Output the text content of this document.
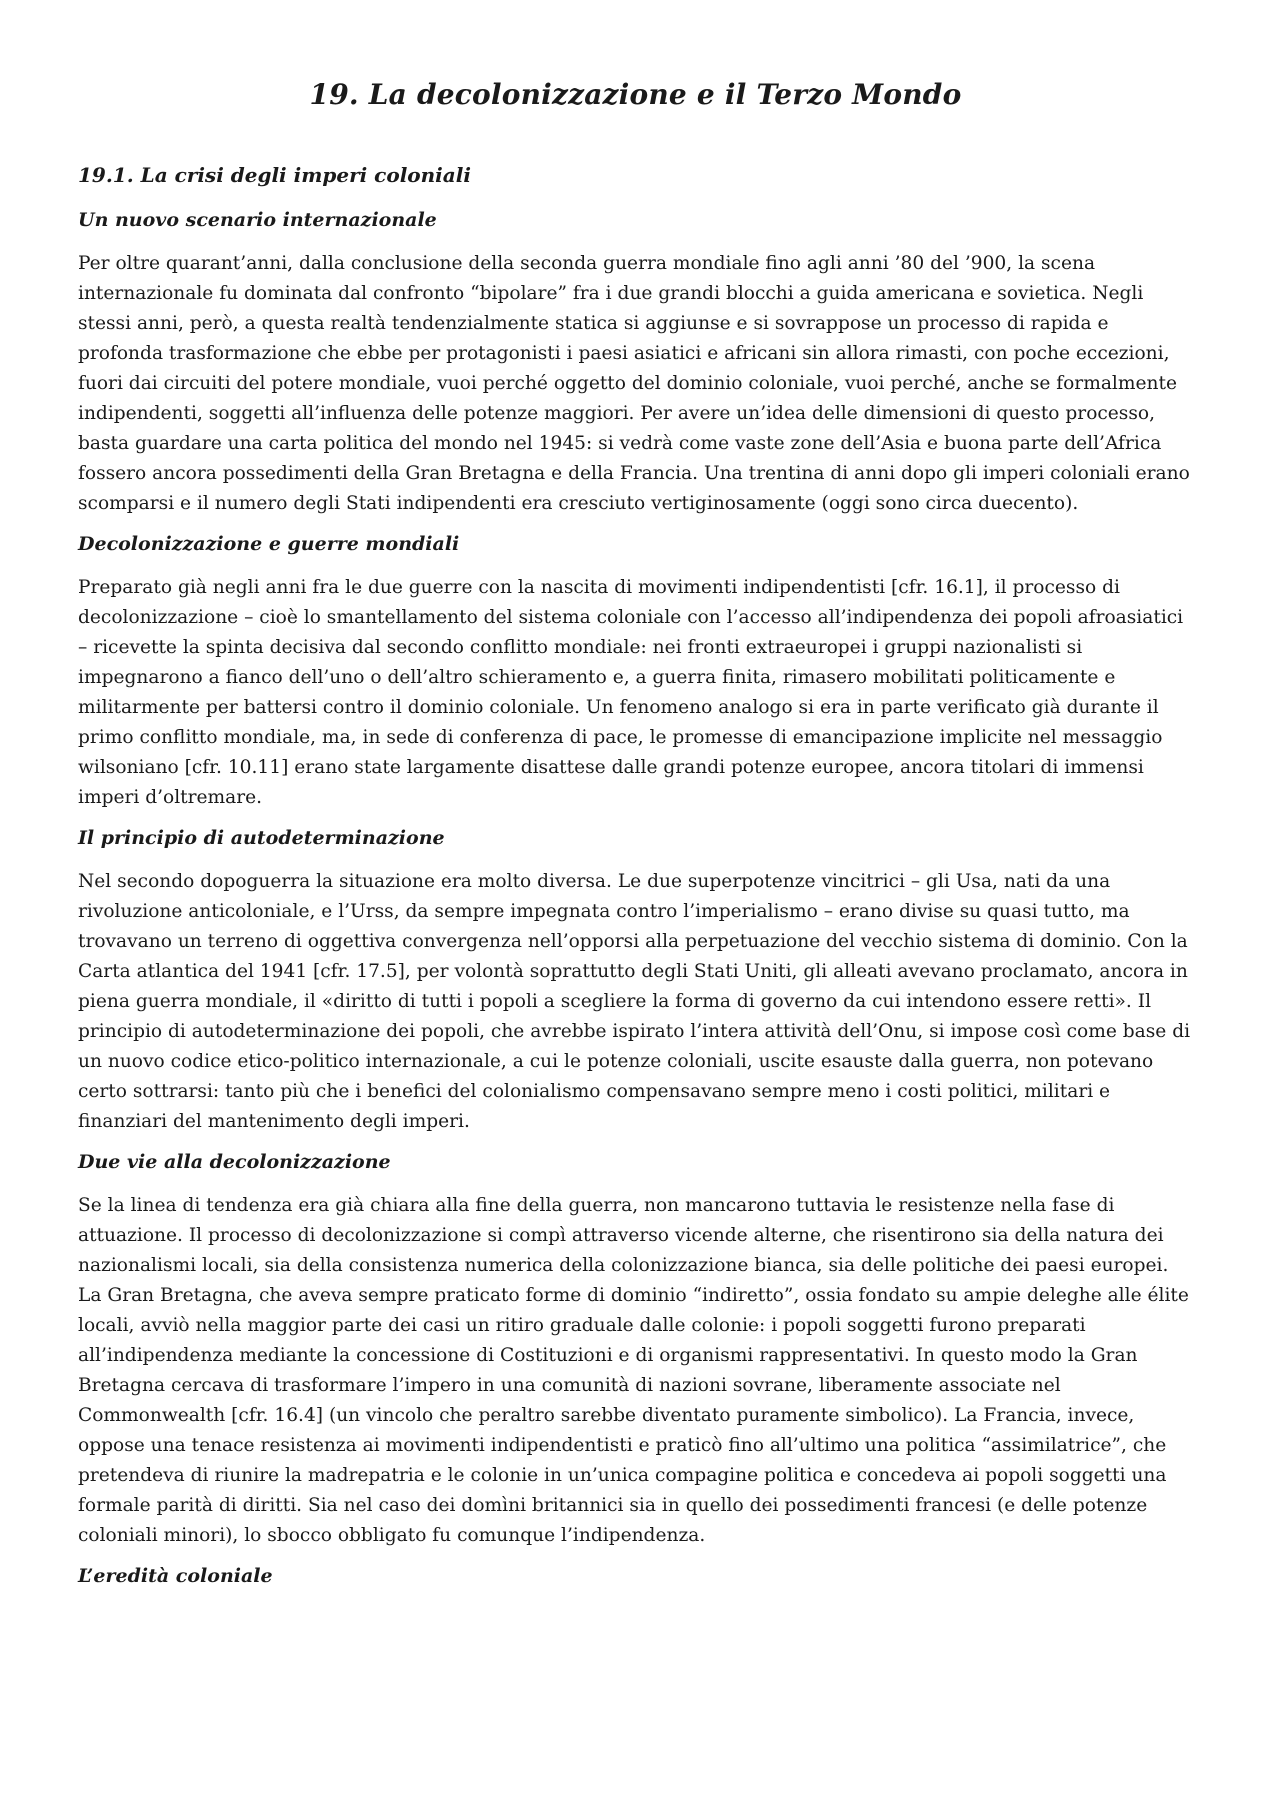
19. La decolonizzazione e il Terzo Mondo
19.1. La crisi degli imperi coloniali
Un nuovo scenario internazionale

Per oltre quarant’anni, dalla conclusione della seconda guerra mondiale fino agli anni ’80 del ’900, la scena internazionale fu dominata dal confronto “bipolare” fra i due grandi blocchi a guida americana e sovietica. Negli stessi anni, però, a questa realtà tendenzialmente statica si aggiunse e si sovrappose un processo di rapida e profonda trasformazione che ebbe per protagonisti i paesi asiatici e africani sin allora rimasti, con poche eccezioni, fuori dai circuiti del potere mondiale, vuoi perché oggetto del dominio coloniale, vuoi perché, anche se formalmente indipendenti, soggetti all’influenza delle potenze maggiori. Per avere un’idea delle dimensioni di questo processo, basta guardare una carta politica del mondo nel 1945: si vedrà come vaste zone dell’Asia e buona parte dell’Africa fossero ancora possedimenti della Gran Bretagna e della Francia. Una trentina di anni dopo gli imperi coloniali erano scomparsi e il numero degli Stati indipendenti era cresciuto vertiginosamente (oggi sono circa duecento).

Decolonizzazione e guerre mondiali

Preparato già negli anni fra le due guerre con la nascita di movimenti indipendentisti [cfr. 16.1], il processo di decolonizzazione – cioè lo smantellamento del sistema coloniale con l’accesso all’indipendenza dei popoli afroasiatici – ricevette la spinta decisiva dal secondo conflitto mondiale: nei fronti extraeuropei i gruppi nazionalisti si impegnarono a fianco dell’uno o dell’altro schieramento e, a guerra finita, rimasero mobilitati politicamente e militarmente per battersi contro il dominio coloniale. Un fenomeno analogo si era in parte verificato già durante il primo conflitto mondiale, ma, in sede di conferenza di pace, le promesse di emancipazione implicite nel messaggio wilsoniano [cfr. 10.11] erano state largamente disattese dalle grandi potenze europee, ancora titolari di immensi imperi d’oltremare.

Il principio di autodeterminazione

Nel secondo dopoguerra la situazione era molto diversa. Le due superpotenze vincitrici – gli Usa, nati da una rivoluzione anticoloniale, e l’Urss, da sempre impegnata contro l’imperialismo – erano divise su quasi tutto, ma trovavano un terreno di oggettiva convergenza nell’opporsi alla perpetuazione del vecchio sistema di dominio. Con la Carta atlantica del 1941 [cfr. 17.5], per volontà soprattutto degli Stati Uniti, gli alleati avevano proclamato, ancora in piena guerra mondiale, il «diritto di tutti i popoli a scegliere la forma di governo da cui intendono essere retti». Il principio di autodeterminazione dei popoli, che avrebbe ispirato l’intera attività dell’Onu, si impose così come base di un nuovo codice etico-politico internazionale, a cui le potenze coloniali, uscite esauste dalla guerra, non potevano certo sottrarsi: tanto più che i benefici del colonialismo compensavano sempre meno i costi politici, militari e finanziari del mantenimento degli imperi.

Due vie alla decolonizzazione

Se la linea di tendenza era già chiara alla fine della guerra, non mancarono tuttavia le resistenze nella fase di attuazione. Il processo di decolonizzazione si compì attraverso vicende alterne, che risentirono sia della natura dei nazionalismi locali, sia della consistenza numerica della colonizzazione bianca, sia delle politiche dei paesi europei. La Gran Bretagna, che aveva sempre praticato forme di dominio “indiretto”, ossia fondato su ampie deleghe alle élite locali, avviò nella maggior parte dei casi un ritiro graduale dalle colonie: i popoli soggetti furono preparati all’indipendenza mediante la concessione di Costituzioni e di organismi rappresentativi. In questo modo la Gran Bretagna cercava di trasformare l’impero in una comunità di nazioni sovrane, liberamente associate nel Commonwealth [cfr. 16.4] (un vincolo che peraltro sarebbe diventato puramente simbolico). La Francia, invece, oppose una tenace resistenza ai movimenti indipendentisti e praticò fino all’ultimo una politica “assimilatrice”, che pretendeva di riunire la madrepatria e le colonie in un’unica compagine politica e concedeva ai popoli soggetti una formale parità di diritti. Sia nel caso dei domìni britannici sia in quello dei possedimenti francesi (e delle potenze coloniali minori), lo sbocco obbligato fu comunque l’indipendenza.

L’eredità coloniale
